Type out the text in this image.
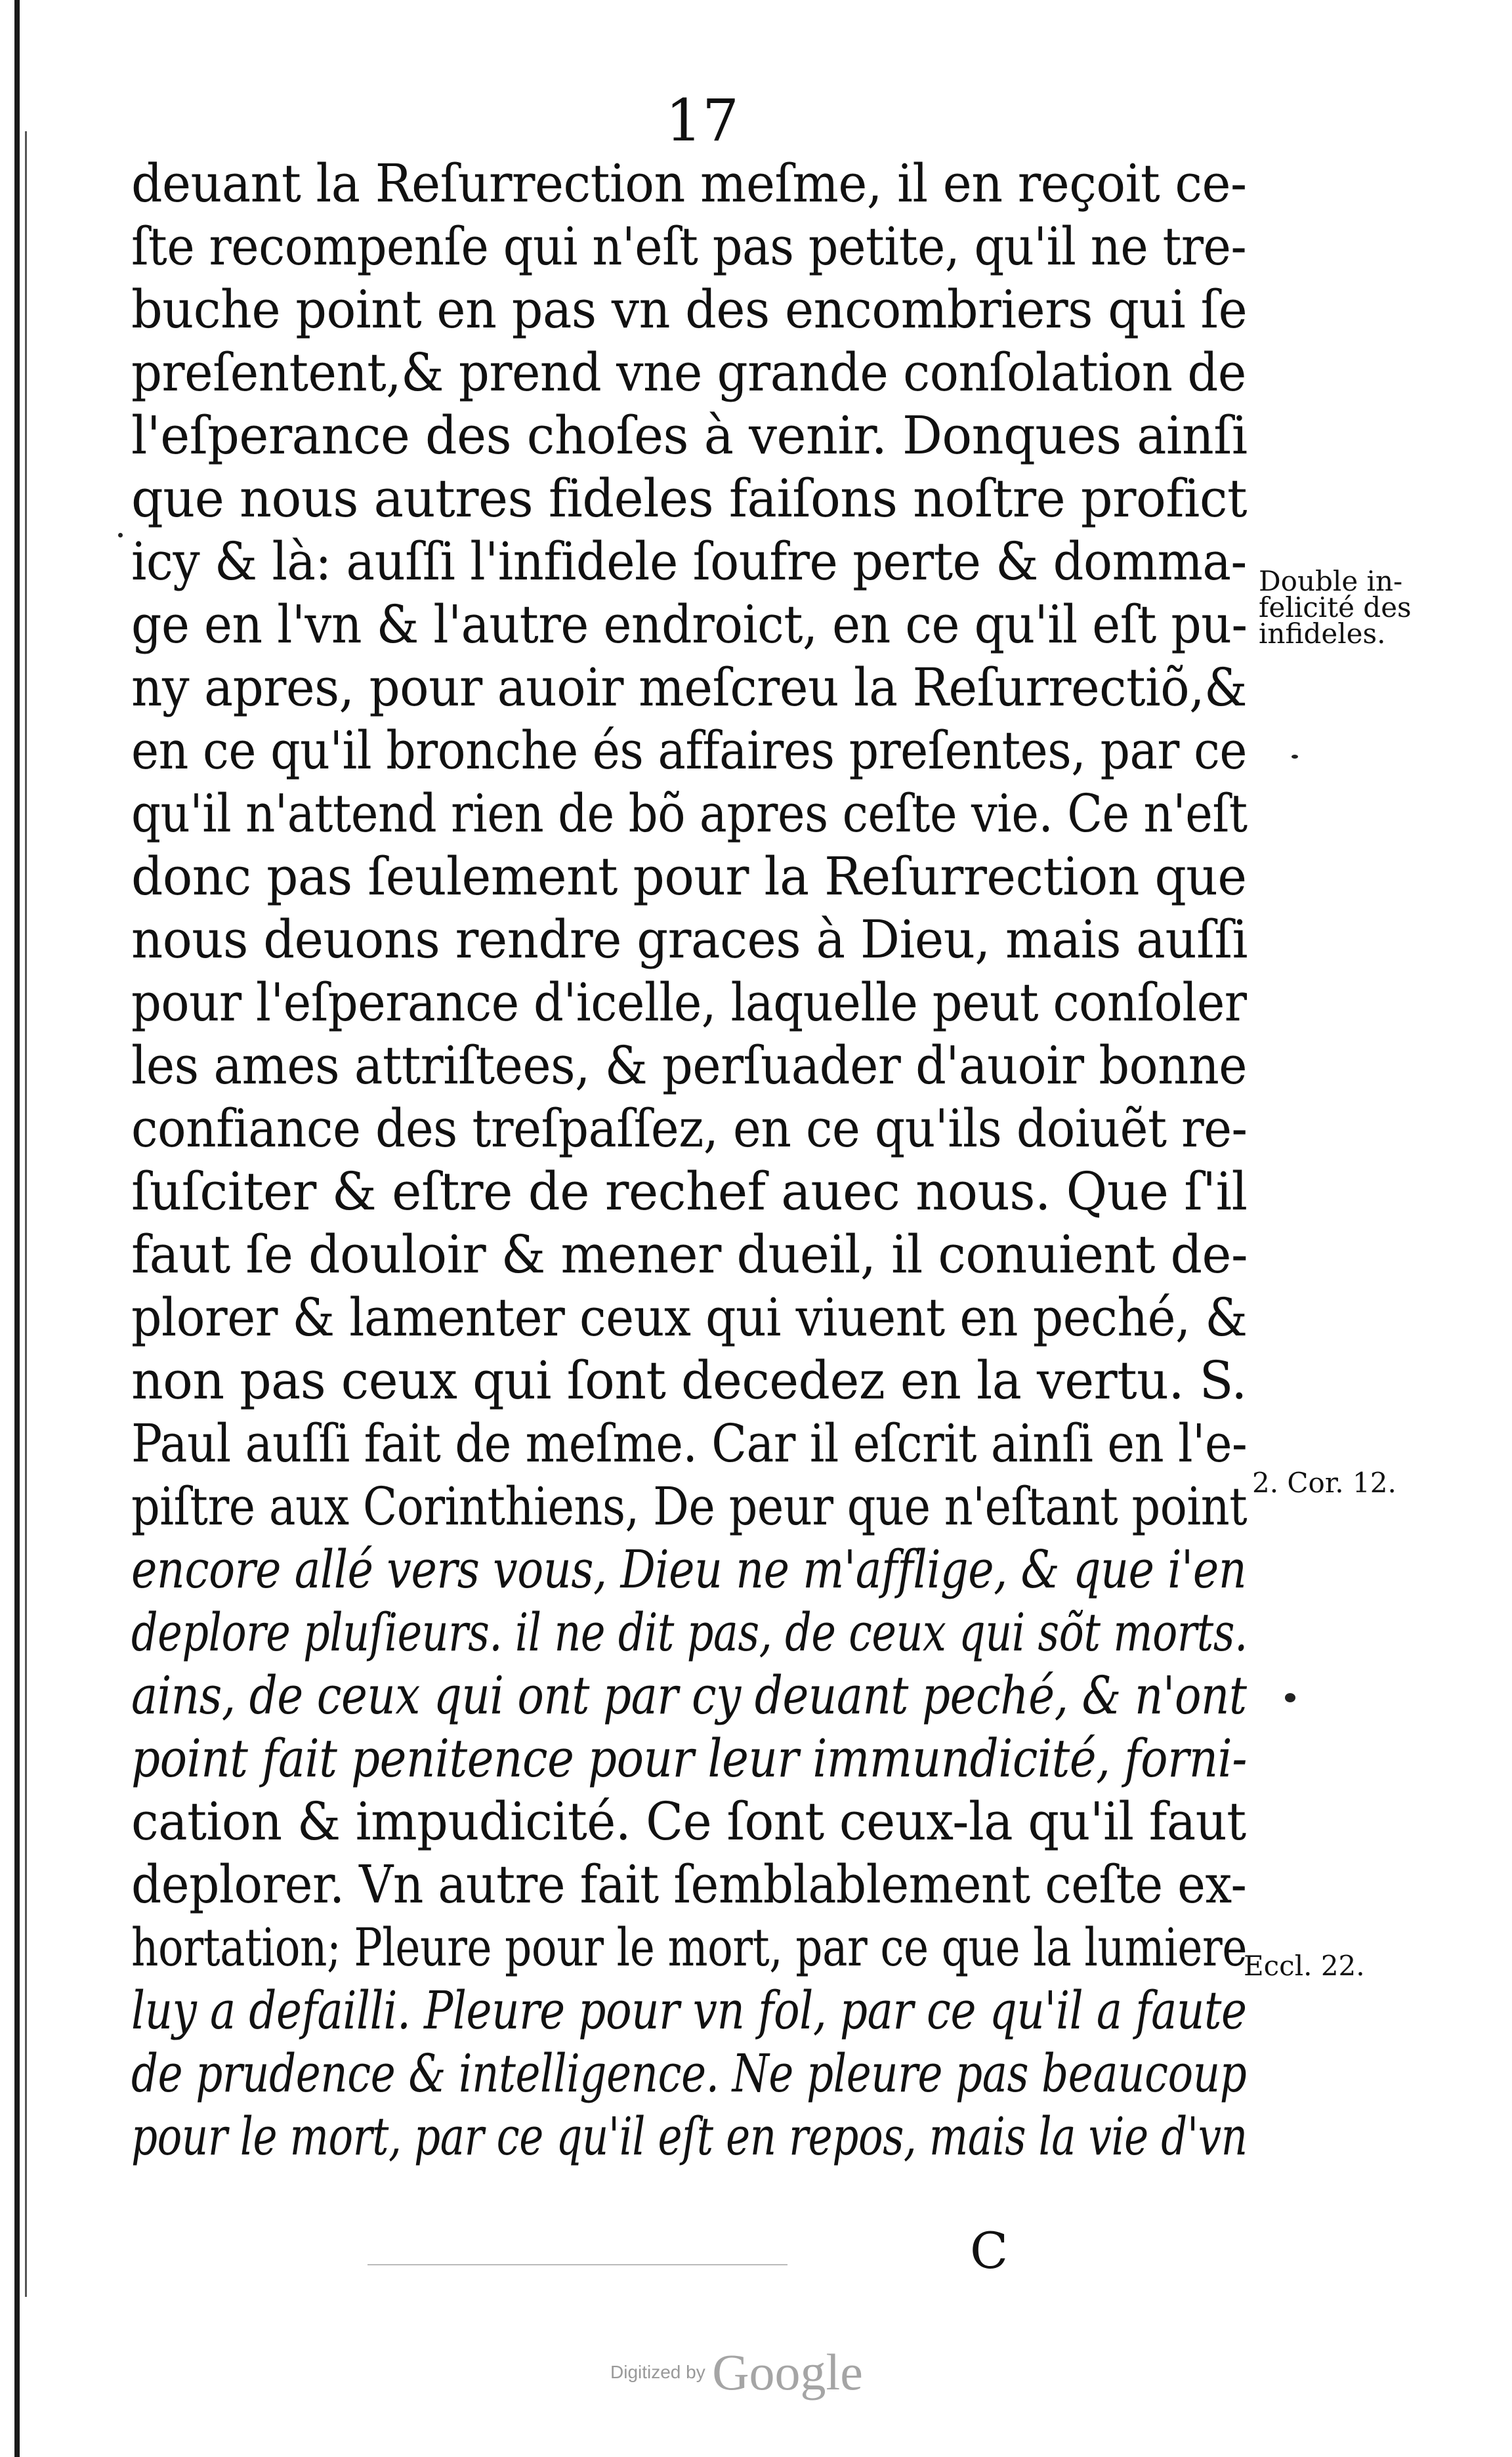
17
deuant la Reſurrection meſme, il en reçoit ce-
ſte recompenſe qui n'eſt pas petite, qu'il ne tre-
buche point en pas vn des encombriers qui ſe
preſentent,& prend vne grande conſolation de
l'eſperance des choſes à venir. Donques ainſi
que nous autres fideles faiſons noſtre profict
icy & là: auſſi l'infidele ſoufre perte & domma-
ge en l'vn & l'autre endroict, en ce qu'il eſt pu-
ny apres, pour auoir meſcreu la Reſurrectiõ,&
en ce qu'il bronche és affaires preſentes, par ce
qu'il n'attend rien de bõ apres ceſte vie. Ce n'eſt
donc pas ſeulement pour la Reſurrection que
nous deuons rendre graces à Dieu, mais auſſi
pour l'eſperance d'icelle, laquelle peut conſoler
les ames attriſtees, & perſuader d'auoir bonne
confiance des treſpaſſez, en ce qu'ils doiuẽt re-
ſuſciter & eſtre de rechef auec nous. Que ſ'il
faut ſe douloir & mener dueil, il conuient de-
plorer & lamenter ceux qui viuent en peché, &
non pas ceux qui ſont decedez en la vertu. S.
Paul auſſi fait de meſme. Car il eſcrit ainſi en l'e-
piſtre aux Corinthiens, De peur que n'eſtant point
encore allé vers vous, Dieu ne m'afflige, & que i'en
deplore pluſieurs. il ne dit pas, de ceux qui sõt morts.
ains, de ceux qui ont par cy deuant peché, & n'ont
point fait penitence pour leur immundicité, forni-
cation & impudicité. Ce ſont ceux-la qu'il faut
deplorer. Vn autre fait ſemblablement ceſte ex-
hortation; Pleure pour le mort, par ce que la lumiere
luy a defailli. Pleure pour vn fol, par ce qu'il a faute
de prudence & intelligence. Ne pleure pas beaucoup
pour le mort, par ce qu'il eſt en repos, mais la vie d'vn
Double in-
felicité des
infideles.
2. Cor. 12.
Eccl. 22.
C
Digitized by Google
